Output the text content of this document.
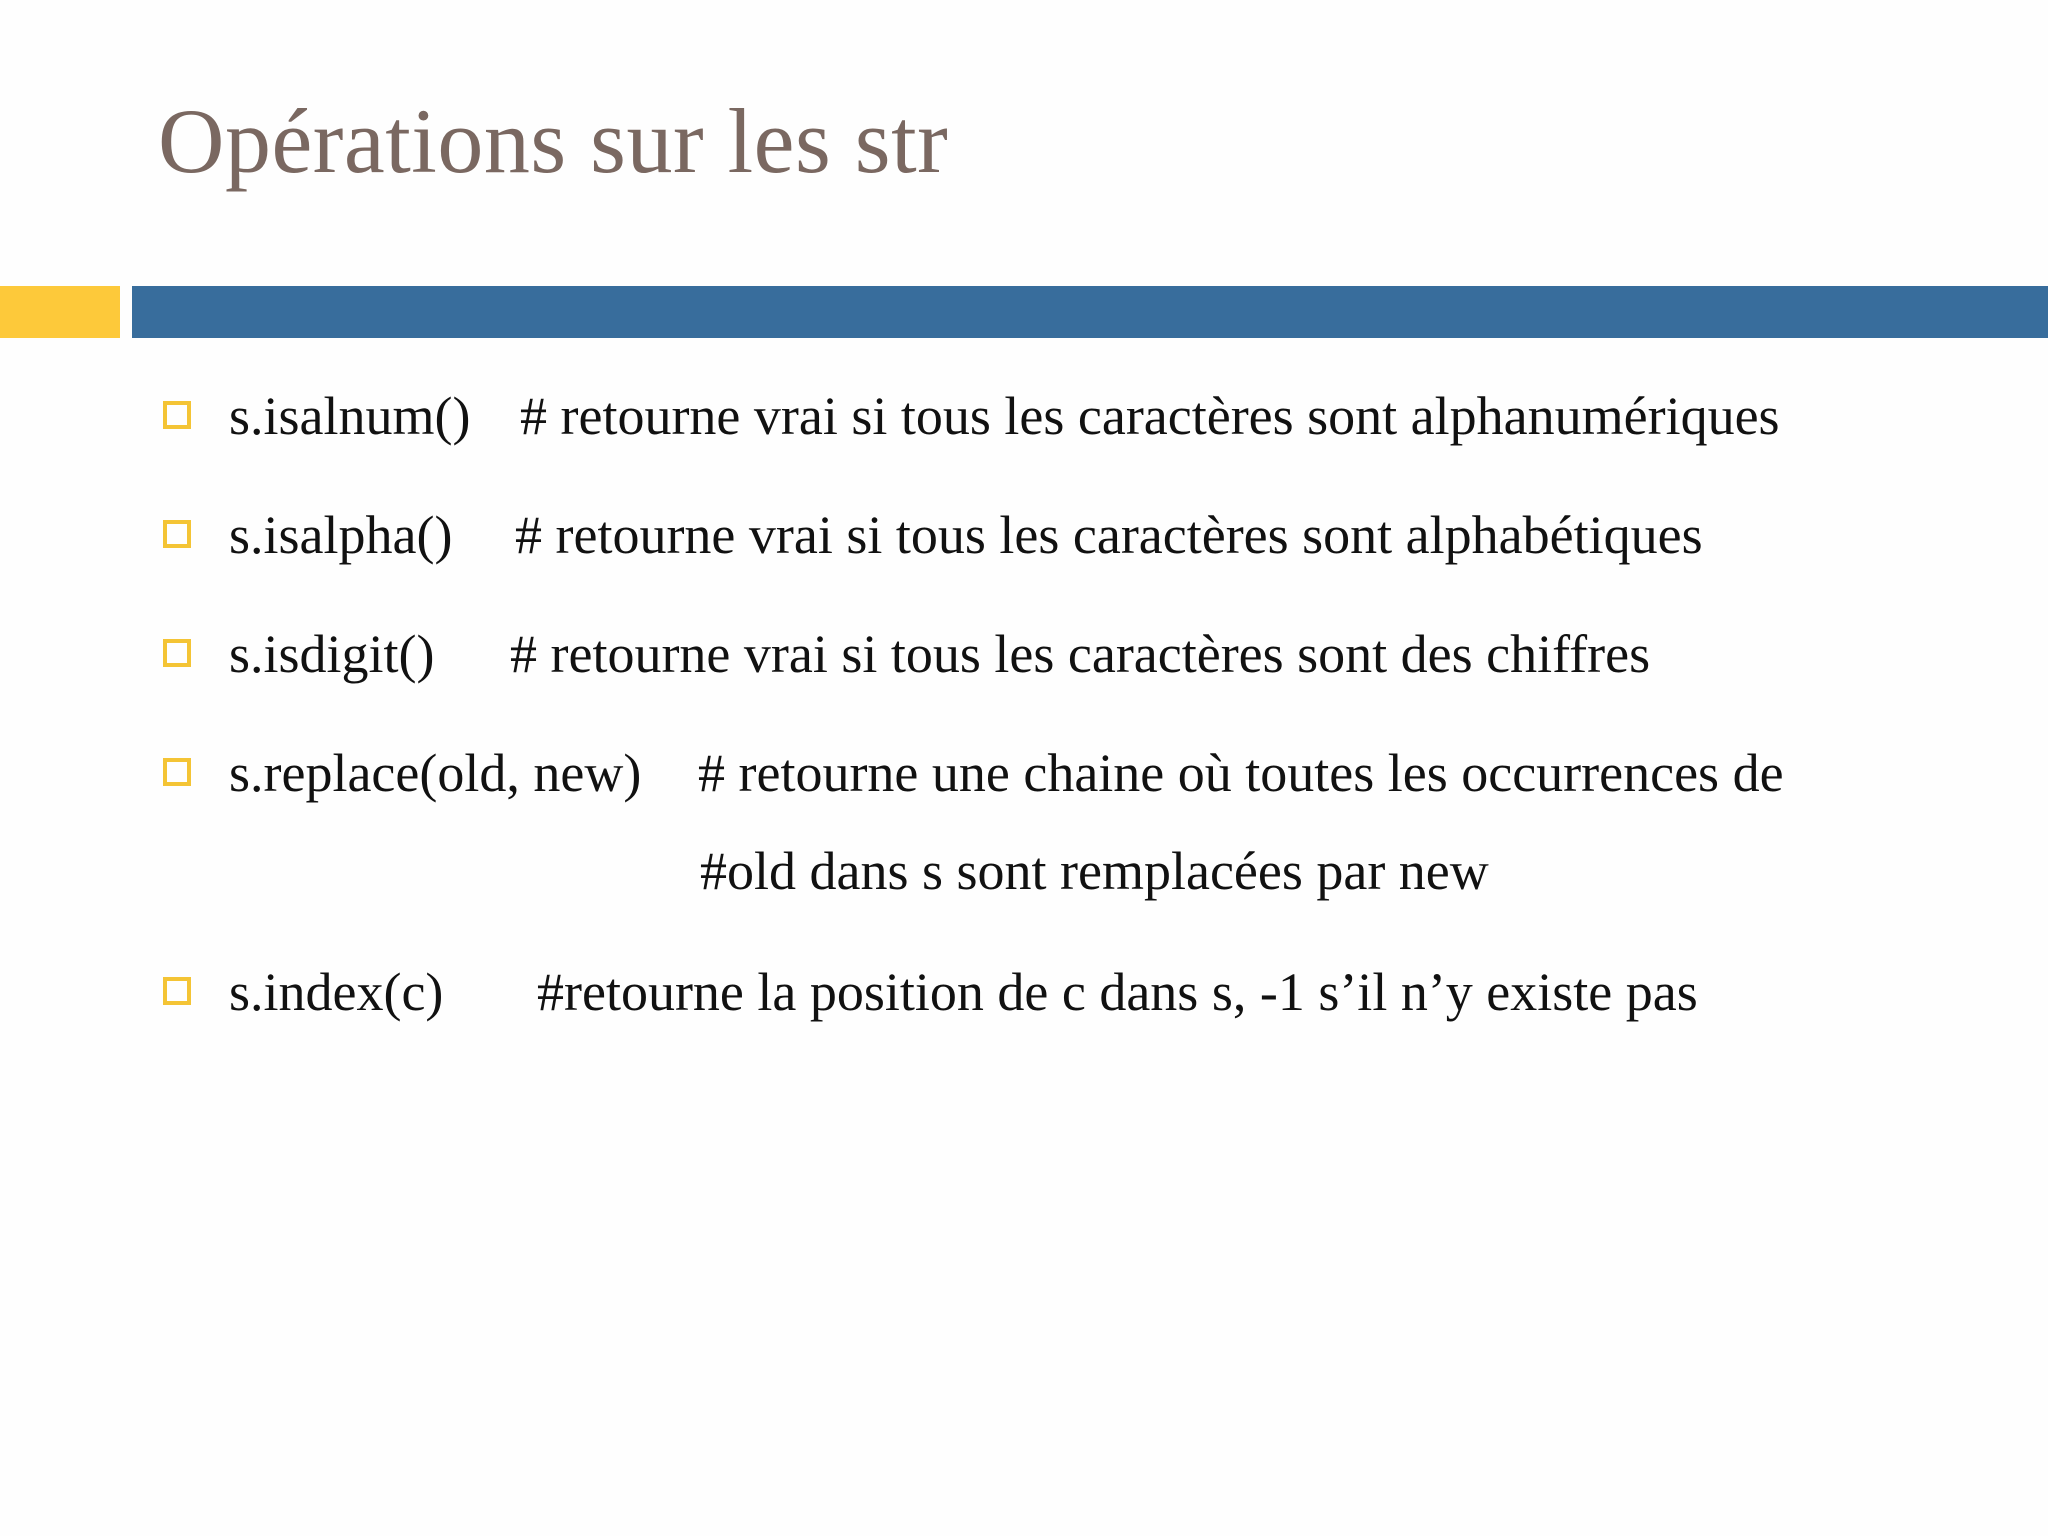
Opérations sur les str
s.isalnum() # retourne vrai si tous les caractères sont alphanumériques
s.isalpha() # retourne vrai si tous les caractères sont alphabétiques
s.isdigit() # retourne vrai si tous les caractères sont des chiffres
s.replace(old, new) # retourne une chaine où toutes les occurrences de
#old dans s sont remplacées par new
s.index(c) #retourne la position de c dans s, -1 s’il n’y existe pas
